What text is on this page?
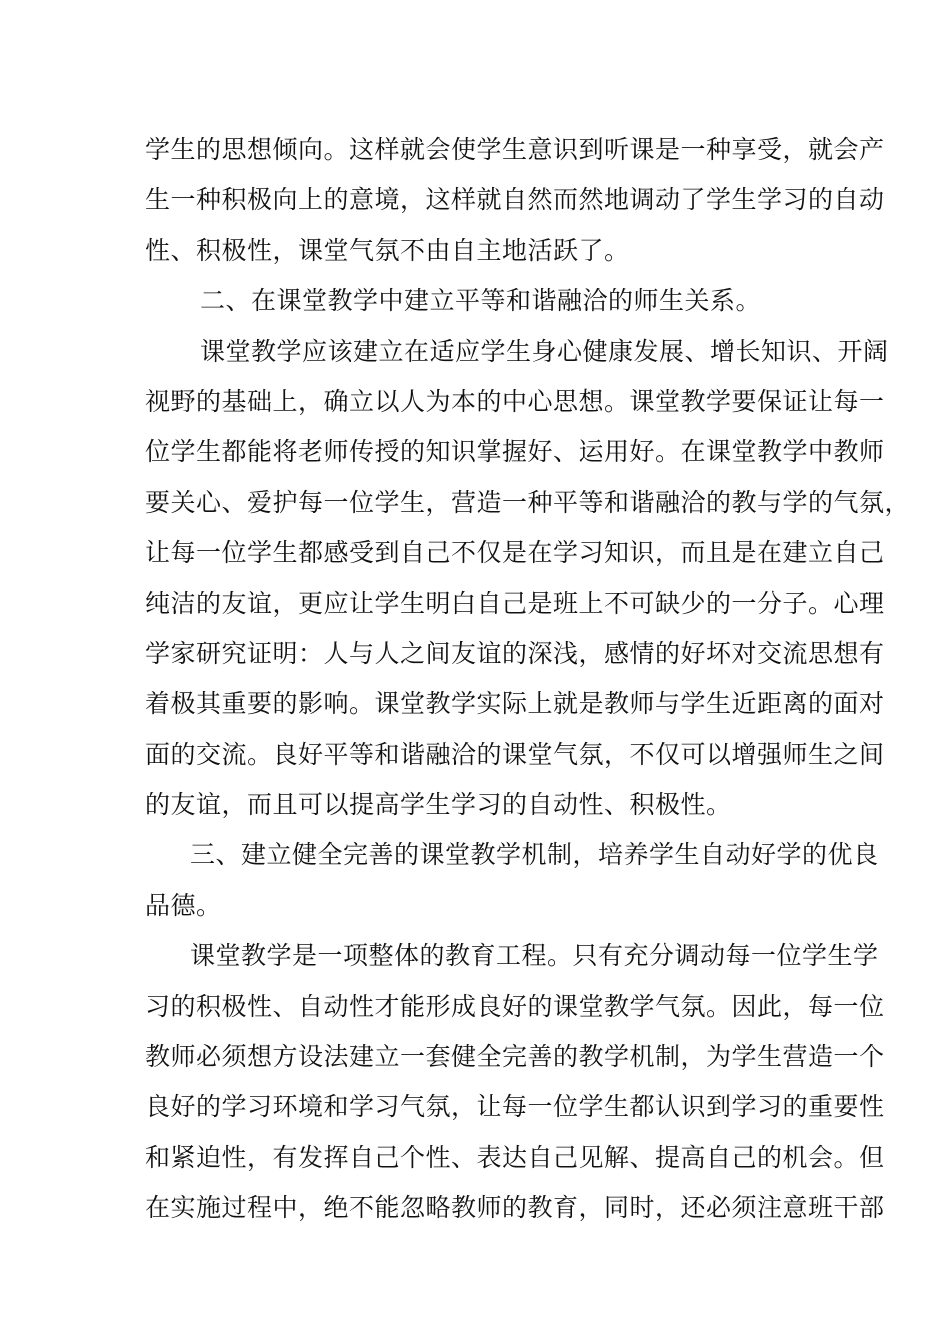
学生的思想倾向。这样就会使学生意识到听课是一种享受，就会产
生一种积极向上的意境，这样就自然而然地调动了学生学习的自动
性、积极性，课堂气氛不由自主地活跃了。
二、在课堂教学中建立平等和谐融洽的师生关系。
课堂教学应该建立在适应学生身心健康发展、增长知识、开阔
视野的基础上，确立以人为本的中心思想。课堂教学要保证让每一
位学生都能将老师传授的知识掌握好、运用好。在课堂教学中教师
要关心、爱护每一位学生，营造一种平等和谐融洽的教与学的气氛，
让每一位学生都感受到自己不仅是在学习知识，而且是在建立自己
纯洁的友谊，更应让学生明白自己是班上不可缺少的一分子。心理
学家研究证明：人与人之间友谊的深浅，感情的好坏对交流思想有
着极其重要的影响。课堂教学实际上就是教师与学生近距离的面对
面的交流。良好平等和谐融洽的课堂气氛，不仅可以增强师生之间
的友谊，而且可以提高学生学习的自动性、积极性。
三、建立健全完善的课堂教学机制，培养学生自动好学的优良
品德。
课堂教学是一项整体的教育工程。只有充分调动每一位学生学
习的积极性、自动性才能形成良好的课堂教学气氛。因此，每一位
教师必须想方设法建立一套健全完善的教学机制，为学生营造一个
良好的学习环境和学习气氛，让每一位学生都认识到学习的重要性
和紧迫性，有发挥自己个性、表达自己见解、提高自己的机会。但
在实施过程中，绝不能忽略教师的教育，同时，还必须注意班干部
